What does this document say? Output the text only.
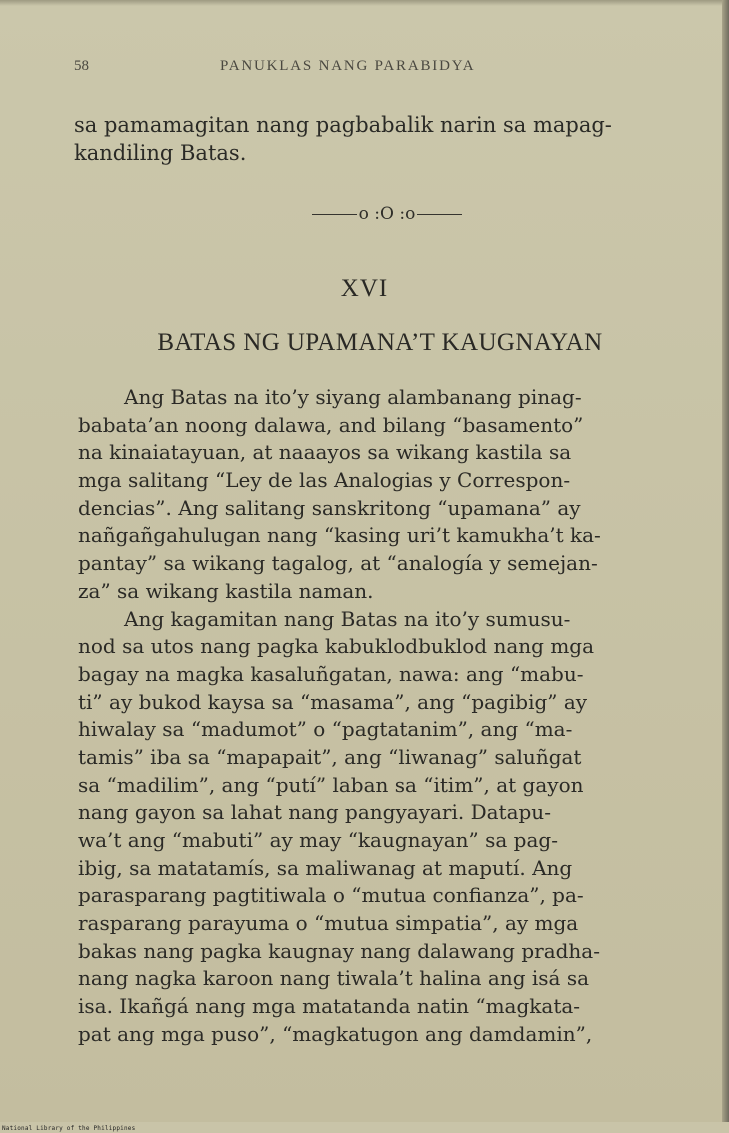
58	PANUKLAS NANG PARABIDYA
sa pamamagitan nang pagbabalik narin sa mapag-
kandiling Batas.
o :O :o
XVI
BATAS NG UPAMANA’T KAUGNAYAN
Ang Batas na ito’y siyang alambanang pinag-
babata’an noong dalawa, and bilang “basamento”
na kinaiatayuan, at naaayos sa wikang kastila sa
mga salitang “Ley de las Analogias y Correspon-
dencias”. Ang salitang sanskritong “upamana” ay
nañgañgahulugan nang “kasing uri’t kamukha’t ka-
pantay” sa wikang tagalog, at “analogía y semejan-
za” sa wikang kastila naman.
Ang kagamitan nang Batas na ito’y sumusu-
nod sa utos nang pagka kabuklodbuklod nang mga
bagay na magka kasaluñgatan, nawa: ang “mabu-
ti” ay bukod kaysa sa “masama”, ang “pagibig” ay
hiwalay sa “madumot” o “pagtatanim”, ang “ma-
tamis” iba sa “mapapait”, ang “liwanag” saluñgat
sa “madilim”, ang “putí” laban sa “itim”, at gayon
nang gayon sa lahat nang pangyayari. Datapu-
wa’t ang “mabuti” ay may “kaugnayan” sa pag-
ibig, sa matatamís, sa maliwanag at maputí. Ang
parasparang pagtitiwala o “mutua confianza”, pa-
rasparang parayuma o “mutua simpatia”, ay mga
bakas nang pagka kaugnay nang dalawang pradha-
nang nagka karoon nang tiwala’t halina ang isá sa
isa. Ikañgá nang mga matatanda natin “magkata-
pat ang mga puso”, “magkatugon ang damdamin”,
National Library of the Philippines
